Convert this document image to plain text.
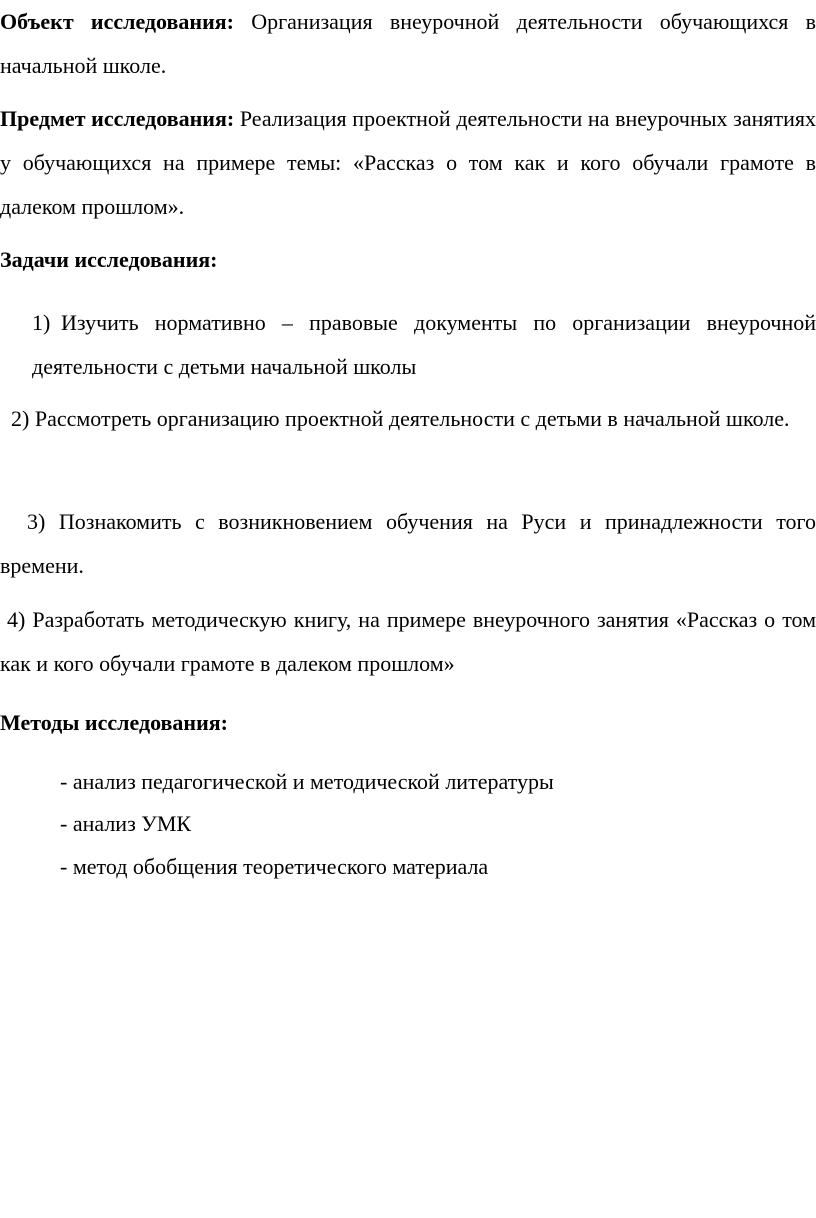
Объект исследования: Организация внеурочной деятельности обучающихся в начальной школе.

Предмет исследования: Реализация проектной деятельности на внеурочных занятиях у обучающихся на примере темы: «Рассказ о том как и кого обучали грамоте в далеком прошлом».

Задачи исследования:

1) Изучить нормативно – правовые документы по организации внеурочной деятельности с детьми начальной школы

2) Рассмотреть организацию проектной деятельности с детьми в начальной школе.

3) Познакомить с возникновением обучения на Руси и принадлежности того времени.

4) Разработать методическую книгу, на примере внеурочного занятия «Рассказ о том как и кого обучали грамоте в далеком прошлом»

Методы исследования:

- анализ педагогической и методической литературы

- анализ УМК

- метод обобщения теоретического материала
